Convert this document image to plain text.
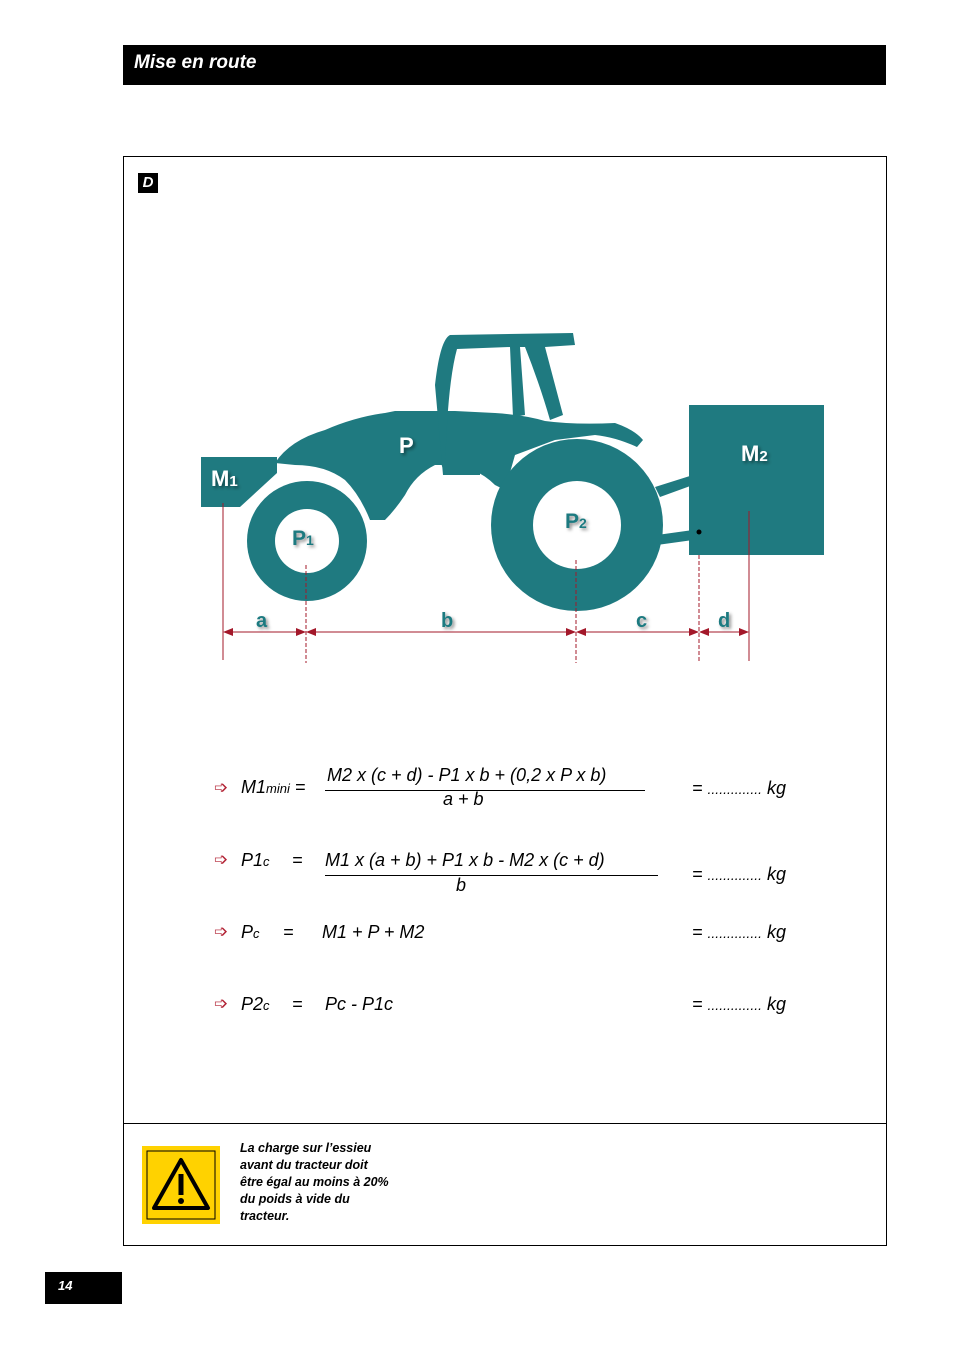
Mise en route
D
M1
P	M2
P1
P2
a	b	c	d
➩ M1mini =
M2 x (c + d) - P1 x b + (0,2 x P x b)
a + b
= .............. kg
➩ P1c = M1 x (a + b) + P1 x b - M2 x (c + d)
b
= .............. kg
➩ Pc = M1 + P + M2	= .............. kg
➩ P2c = Pc - P1c	= .............. kg
La charge sur l’essieu
avant du tracteur doit
être égal au moins à 20%
du poids à vide du
tracteur.
14
